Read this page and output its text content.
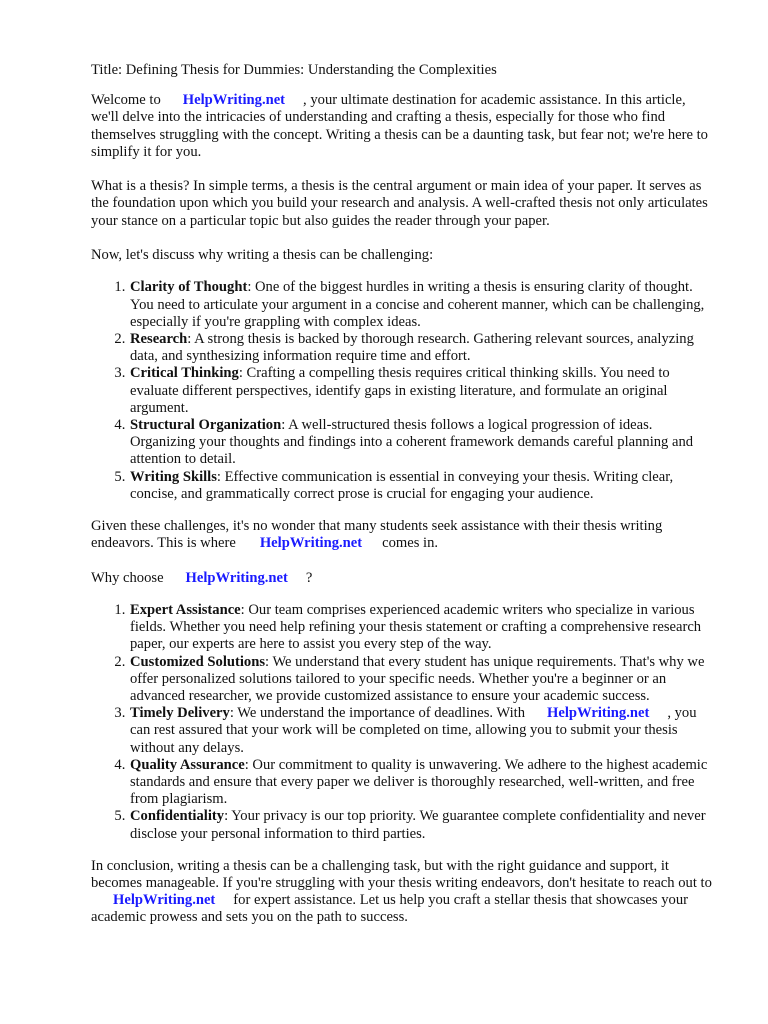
Title: Defining Thesis for Dummies: Understanding the Complexities

Welcome to HelpWriting.net , your ultimate destination for academic assistance. In this article, we'll delve into the intricacies of understanding and crafting a thesis, especially for those who find themselves struggling with the concept. Writing a thesis can be a daunting task, but fear not; we're here to simplify it for you.

What is a thesis? In simple terms, a thesis is the central argument or main idea of your paper. It serves as the foundation upon which you build your research and analysis. A well-crafted thesis not only articulates your stance on a particular topic but also guides the reader through your paper.

Now, let's discuss why writing a thesis can be challenging:

1. Clarity of Thought: One of the biggest hurdles in writing a thesis is ensuring clarity of thought. You need to articulate your argument in a concise and coherent manner, which can be challenging, especially if you're grappling with complex ideas.
2. Research: A strong thesis is backed by thorough research. Gathering relevant sources, analyzing data, and synthesizing information require time and effort.
3. Critical Thinking: Crafting a compelling thesis requires critical thinking skills. You need to evaluate different perspectives, identify gaps in existing literature, and formulate an original argument.
4. Structural Organization: A well-structured thesis follows a logical progression of ideas. Organizing your thoughts and findings into a coherent framework demands careful planning and attention to detail.
5. Writing Skills: Effective communication is essential in conveying your thesis. Writing clear, concise, and grammatically correct prose is crucial for engaging your audience.

Given these challenges, it's no wonder that many students seek assistance with their thesis writing endeavors. This is where HelpWriting.net comes in.

Why choose HelpWriting.net ?

1. Expert Assistance: Our team comprises experienced academic writers who specialize in various fields. Whether you need help refining your thesis statement or crafting a comprehensive research paper, our experts are here to assist you every step of the way.
2. Customized Solutions: We understand that every student has unique requirements. That's why we offer personalized solutions tailored to your specific needs. Whether you're a beginner or an advanced researcher, we provide customized assistance to ensure your academic success.
3. Timely Delivery: We understand the importance of deadlines. With HelpWriting.net , you can rest assured that your work will be completed on time, allowing you to submit your thesis without any delays.
4. Quality Assurance: Our commitment to quality is unwavering. We adhere to the highest academic standards and ensure that every paper we deliver is thoroughly researched, well-written, and free from plagiarism.
5. Confidentiality: Your privacy is our top priority. We guarantee complete confidentiality and never disclose your personal information to third parties.

In conclusion, writing a thesis can be a challenging task, but with the right guidance and support, it becomes manageable. If you're struggling with your thesis writing endeavors, don't hesitate to reach out toHelpWriting.net for expert assistance. Let us help you craft a stellar thesis that showcases your academic prowess and sets you on the path to success.
